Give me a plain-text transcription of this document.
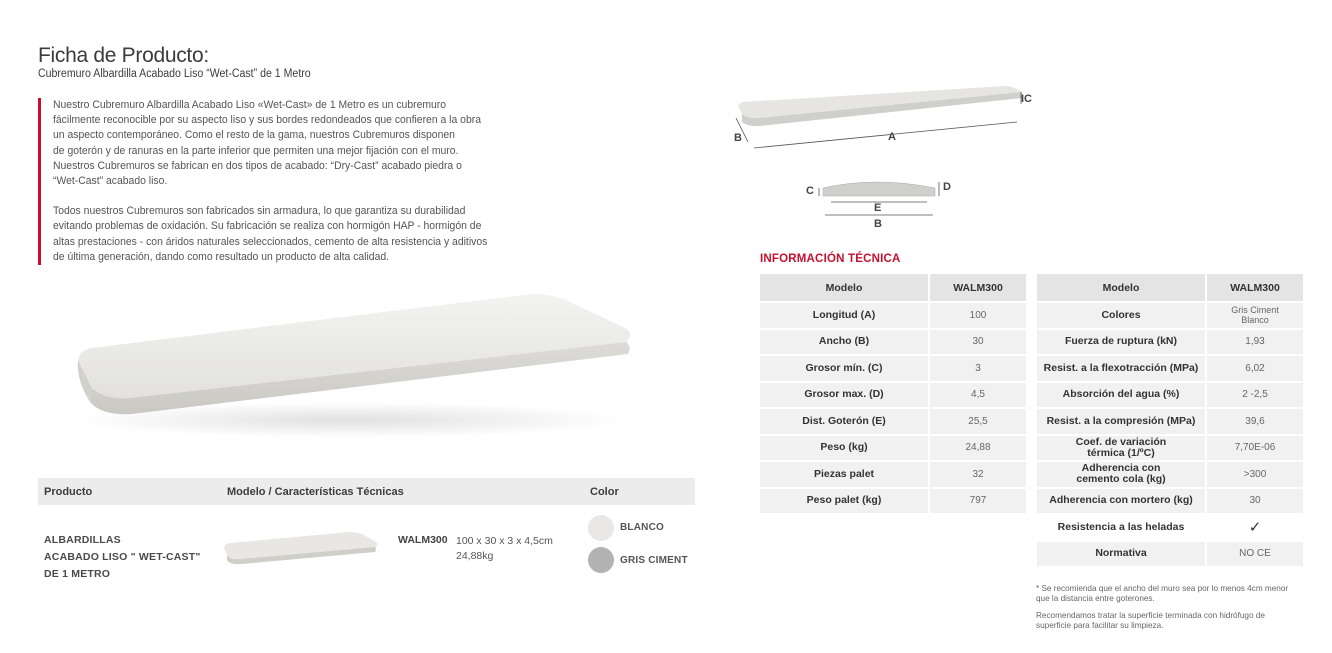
Ficha de Producto:
Cubremuro Albardilla Acabado Liso “Wet-Cast” de 1 Metro

Nuestro Cubremuro Albardilla Acabado Liso «Wet-Cast» de 1 Metro es un cubremuro
fácilmente reconocible por su aspecto liso y sus bordes redondeados que confieren a la obra
un aspecto contemporáneo. Como el resto de la gama, nuestros Cubremuros disponen
de goterón y de ranuras en la parte inferior que permiten una mejor fijación con el muro.
Nuestros Cubremuros se fabrican en dos tipos de acabado: “Dry-Cast” acabado piedra o
“Wet-Cast” acabado liso.

Todos nuestros Cubremuros son fabricados sin armadura, lo que garantiza su durabilidad
evitando problemas de oxidación. Su fabricación se realiza con hormigón HAP - hormigón de
altas prestaciones - con áridos naturales seleccionados, cemento de alta resistencia y aditivos
de última generación, dando como resultado un producto de alta calidad.

Producto	Modelo / Características Técnicas	Color
ALBARDILLAS
ACABADO LISO " WET-CAST"
DE 1 METRO
WALM300 100 x 30 x 3 x 4,5cm
24,88kg
BLANCO
GRIS CIMENT
A
B
IC
C	D
E
B
INFORMACIÓN TÉCNICA
Modelo	WALM300
Longitud (A)	100
Ancho (B)	30
Grosor mín. (C)	3
Grosor max. (D)	4,5
Dist. Goterón (E)	25,5
Peso (kg)	24,88
Piezas palet	32
Peso palet (kg)	797
Modelo	WALM300
Colores	Gris Ciment
Blanco

Fuerza de ruptura (kN)	1,93
Resist. a la flexotracción (MPa)	6,02
Absorción del agua (%)	2 -2,5
Resist. a la compresión (MPa)	39,6

Coef. de variación
térmica (1/ºC)	7,70E-06

Adherencia con
cemento cola (kg)	>300
Adherencia con mortero (kg)	30
Resistencia a las heladas	✓
Normativa	NO CE
* Se recomienda que el ancho del muro sea por lo menos 4cm menor
que la distancia entre goterones.
Recomendamos tratar la superficie terminada con hidrófugo de
superficie para facilitar su limpieza.
